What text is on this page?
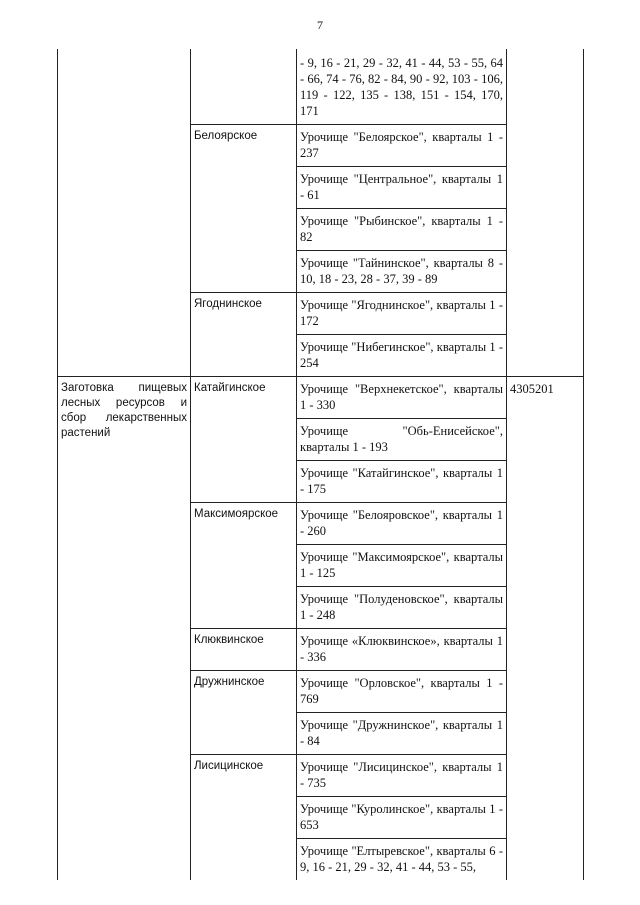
7
		- 9, 16 - 21, 29 - 32, 41 - 44, 53 - 55, 64 - 66, 74 - 76, 82 - 84, 90 - 92, 103 - 106, 119 - 122, 135 - 138, 151 - 154, 170, 171	
	Белоярское	Урочище "Белоярское", кварталы 1 - 237	
		Урочище "Центральное", кварталы 1 - 61	
		Урочище "Рыбинское", кварталы 1 - 82	
		Урочище "Тайнинское", кварталы 8 - 10, 18 - 23, 28 - 37, 39 - 89	
	Ягоднинское	Урочище "Ягоднинское", кварталы 1 - 172	
		Урочище "Нибегинское", кварталы 1 - 254	
Заготовка пищевых лесных ресурсов и сбор лекарственных растений	Катайгинское	Урочище "Верхнекетское", кварталы 1 - 330	4305201
		Урочище "Обь-Енисейское", кварталы 1 - 193	
		Урочище "Катайгинское", кварталы 1 - 175	
	Максимоярское	Урочище "Белояровское", кварталы 1 - 260	
		Урочище "Максимоярское", кварталы 1 - 125	
		Урочище "Полуденовское", кварталы 1 - 248	
	Клюквинское	Урочище «Клюквинское», кварталы 1 - 336	
	Дружнинское	Урочище "Орловское", кварталы 1 - 769	
		Урочище "Дружнинское", кварталы 1 - 84	
	Лисицинское	Урочище "Лисицинское", кварталы 1 - 735	
		Урочище "Куролинское", кварталы 1 - 653	
		Урочище "Елтыревское", кварталы 6 - 9, 16 - 21, 29 - 32, 41 - 44, 53 - 55,	
